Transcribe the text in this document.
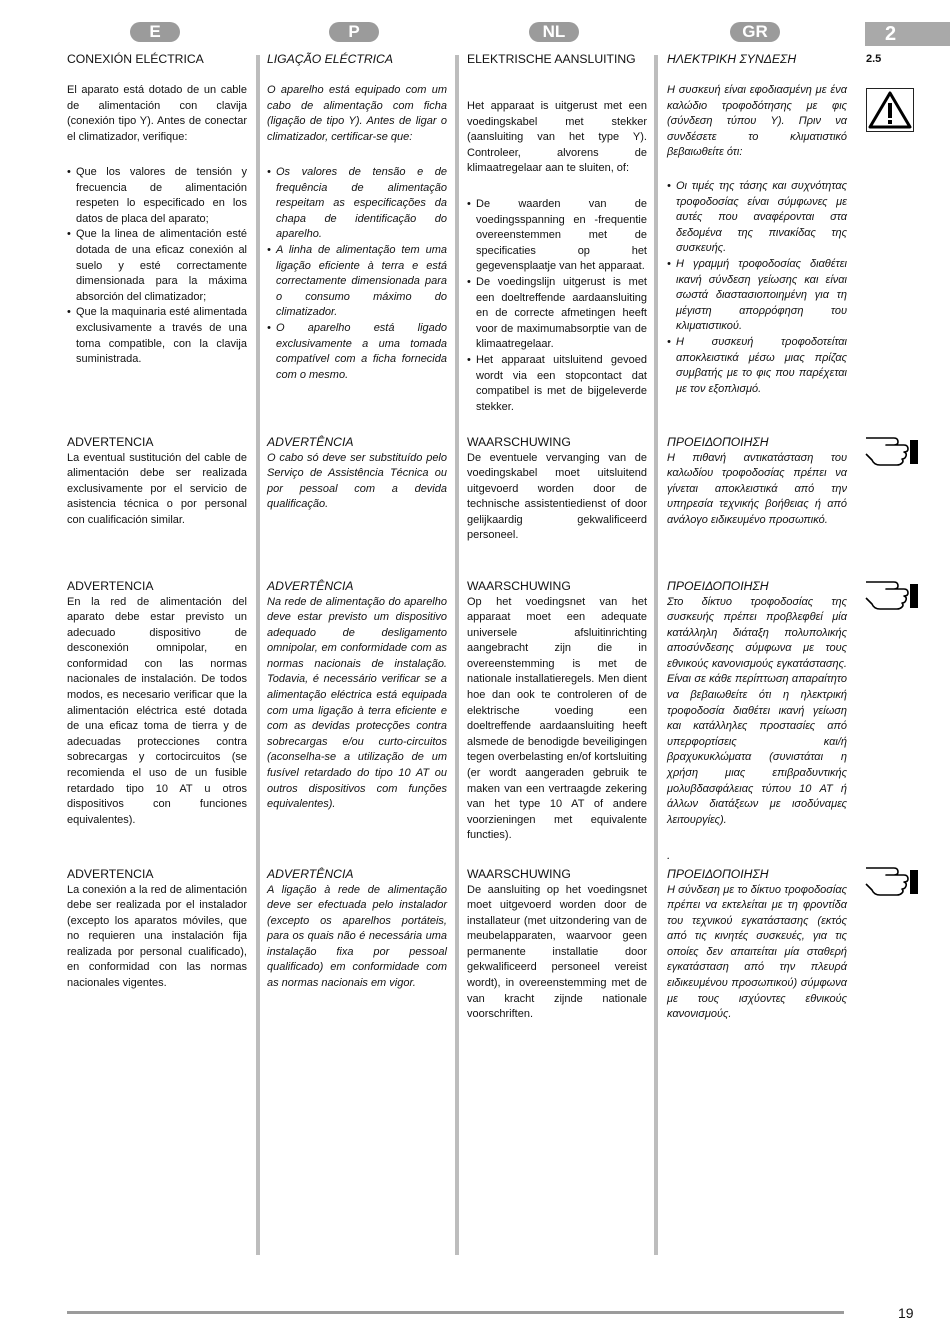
E	P	NL	GR	2

CONEXIÓN ELÉCTRICA

El aparato está dotado de un cable de alimentación con clavija (conexión tipo Y). Antes de conectar el climatizador, verifique:

• Que los valores de tensión y frecuencia de alimentación respeten lo especificado en los datos de placa del aparato;
• Que la linea de alimentación esté dotada de una eficaz conexión al suelo y esté correctamente dimensionada para la máxima absorción del climatizador;
• Que la maquinaria esté alimentada exclusivamente a través de una toma compatible, con la clavija suministrada.

ADVERTENCIA

La eventual sustitución del cable de alimentación debe ser realizada exclusivamente por el servicio de asistencia técnica o por personal con cualificación similar.

ADVERTENCIA

En la red de alimentación del aparato debe estar previsto un adecuado dispositivo de desconexión omnipolar, en conformidad con las normas nacionales de instalación. De todos modos, es necesario verificar que la alimentación eléctrica esté dotada de una eficaz toma de tierra y de adecuadas protecciones contra sobrecargas y cortocircuitos (se recomienda el uso de un fusible retardado tipo 10 AT u otros dispositivos con funciones equivalentes).

ADVERTENCIA

La conexión a la red de alimentación debe ser realizada por el instalador (excepto los aparatos móviles, que no requieren una instalación fija realizada por personal cualificado), en conformidad con las normas nacionales vigentes.

LIGAÇÃO ELÉCTRICA

O aparelho está equipado com um cabo de alimentação com ficha (ligação de tipo Y). Antes de ligar o climatizador, certificar-se que:

• Os valores de tensão e de frequência de alimentação respeitam as especificações da chapa de identificação do aparelho.
• A linha de alimentação tem uma ligação eficiente à terra e está correctamente dimensionada para o consumo máximo do climatizador.
• O aparelho está ligado exclusivamente a uma tomada compatível com a ficha fornecida com o mesmo.

ADVERTÊNCIA

O cabo só deve ser substituído pelo Serviço de Assistência Técnica ou por pessoal com a devida qualificação.

ADVERTÊNCIA

Na rede de alimentação do aparelho deve estar previsto um dispositivo adequado de desligamento omnipolar, em conformidade com as normas nacionais de instalação. Todavia, é necessário verificar se a alimentação eléctrica está equipada com uma ligação à terra eficiente e com as devidas protecções contra sobrecargas e/ou curto-circuitos (aconselha-se a utilização de um fusível retardado do tipo 10 AT ou outros dispositivos com funções equivalentes).

ADVERTÊNCIA

A ligação à rede de alimentação deve ser efectuada pelo instalador (excepto os aparelhos portáteis, para os quais não é necessária uma instalação fixa por pessoal qualificado) em conformidade com as normas nacionais em vigor.

ELEKTRISCHE AANSLUITING

Het apparaat is uitgerust met een voedingskabel met stekker (aansluiting van het type Y). Controleer, alvorens de klimaatregelaar aan te sluiten, of:

• De waarden van de voedingsspanning en -frequentie overeenstemmen met de specificaties op het gegevensplaatje van het apparaat.
• De voedingslijn uitgerust is met een doeltreffende aardaansluiting en de correcte afmetingen heeft voor de maximumabsorptie van de klimaatregelaar.
• Het apparaat uitsluitend gevoed wordt via een stopcontact dat compatibel is met de bijgeleverde stekker.

WAARSCHUWING

De eventuele vervanging van de voedingskabel moet uitsluitend uitgevoerd worden door de technische assistentiedienst of door gelijkaardig gekwalificeerd personeel.

WAARSCHUWING

Op het voedingsnet van het apparaat moet een adequate universele afsluitinrichting aangebracht zijn die in overeenstemming is met de nationale installatieregels. Men dient hoe dan ook te controleren of de elektrische voeding een doeltreffende aardaansluiting heeft alsmede de benodigde beveiligingen tegen overbelasting en/of kortsluiting (er wordt aangeraden gebruik te maken van een vertraagde zekering van het type 10 AT of andere voorzieningen met equivalente functies).

WAARSCHUWING

De aansluiting op het voedingsnet moet uitgevoerd worden door de installateur (met uitzondering van de meubelapparaten, waarvoor geen permanente installatie door gekwalificeerd personeel vereist wordt), in overeenstemming met de van kracht zijnde nationale voorschriften.

ΗΛΕΚΤΡΙΚΗ ΣΥΝΔΕΣΗ

Η συσκευή είναι εφοδιασμένη με ένα καλώδιο τροφοδότησης με φις (σύνδεση τύπου Y). Πριν να συνδέσετε το κλιματιστικό βεβαιωθείτε ότι:

• Οι τιμές της τάσης και συχνότητας τροφοδοσίας είναι σύμφωνες με αυτές που αναφέρονται στα δεδομένα της πινακίδας της συσκευής.
• Η γραμμή τροφοδοσίας διαθέτει ικανή σύνδεση γείωσης και είναι σωστά διαστασιοποιημένη για τη μέγιστη απορρόφηση του κλιματιστικού.
• Η συσκευή τροφοδοτείται αποκλειστικά μέσω μιας πρίζας συμβατής με το φις που παρέχεται με τον εξοπλισμό.

ΠΡΟΕΙΔΟΠΟΙΗΣΗ

Η πιθανή αντικατάσταση του καλωδίου τροφοδοσίας πρέπει να γίνεται αποκλειστικά από την υπηρεσία τεχνικής βοήθειας ή από ανάλογο ειδικευμένο προσωπικό.

ΠΡΟΕΙΔΟΠΟΙΗΣΗ

Στο δίκτυο τροφοδοσίας της συσκευής πρέπει προβλεφθεί μία κατάλληλη διάταξη πολυπολικής αποσύνδεσης σύμφωνα με τους εθνικούς κανονισμούς εγκατάστασης. Είναι σε κάθε περίπτωση απαραίτητο να βεβαιωθείτε ότι η ηλεκτρική τροφοδοσία διαθέτει ικανή γείωση και κατάλληλες προστασίες από υπερφορτίσεις και/ή βραχυκυκλώματα (συνιστάται η χρήση μιας επιβραδυντικής μολυβδασφάλειας τύπου 10 AT ή άλλων διατάξεων με ισοδύναμες λειτουργίες).

.

ΠΡΟΕΙΔΟΠΟΙΗΣΗ

Η σύνδεση με το δίκτυο τροφοδοσίας πρέπει να εκτελείται με τη φροντίδα του τεχνικού εγκατάστασης (εκτός από τις κινητές συσκευές, για τις οποίες δεν απαιτείται μία σταθερή εγκατάσταση από την πλευρά ειδικευμένου προσωπικού) σύμφωνα με τους ισχύοντες εθνικούς κανονισμούς.

2.5
19
